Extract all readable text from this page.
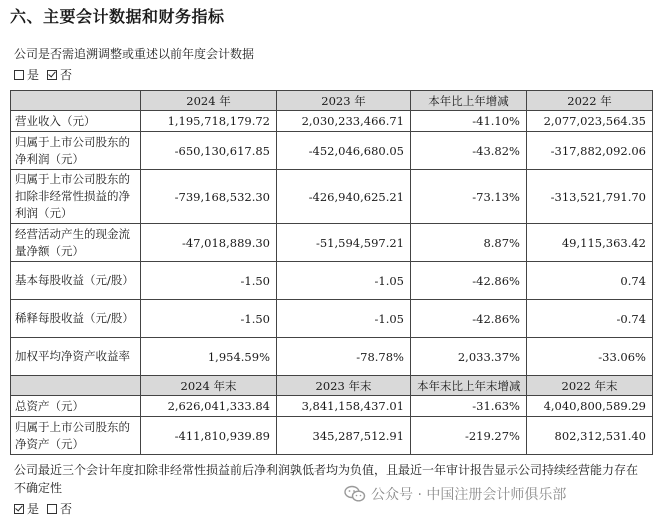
六、主要会计数据和财务指标
公司是否需追溯调整或重述以前年度会计数据
是 否
	2024 年	2023 年	本年比上年增减	2022 年
营业收入（元）	1,195,718,179.72	2,030,233,466.71	-41.10%	2,077,023,564.35
归属于上市公司股东的净利润（元）	-650,130,617.85	-452,046,680.05	-43.82%	-317,882,092.06
归属于上市公司股东的扣除非经常性损益的净利润（元）	-739,168,532.30	-426,940,625.21	-73.13%	-313,521,791.70
经营活动产生的现金流量净额（元）	-47,018,889.30	-51,594,597.21	8.87%	49,115,363.42
基本每股收益（元/股）	-1.50	-1.05	-42.86%	0.74
稀释每股收益（元/股）	-1.50	-1.05	-42.86%	-0.74
加权平均净资产收益率	1,954.59%	-78.78%	2,033.37%	-33.06%
	2024 年末	2023 年末	本年末比上年末增减	2022 年末
总资产（元）	2,626,041,333.84	3,841,158,437.01	-31.63%	4,040,800,589.29
归属于上市公司股东的净资产（元）	-411,810,939.89	345,287,512.91	-219.27%	802,312,531.40
公司最近三个会计年度扣除非经常性损益前后净利润孰低者均为负值，且最近一年审计报告显示公司持续经营能力存在不确定性
是 否
公众号 · 中国注册会计师俱乐部
